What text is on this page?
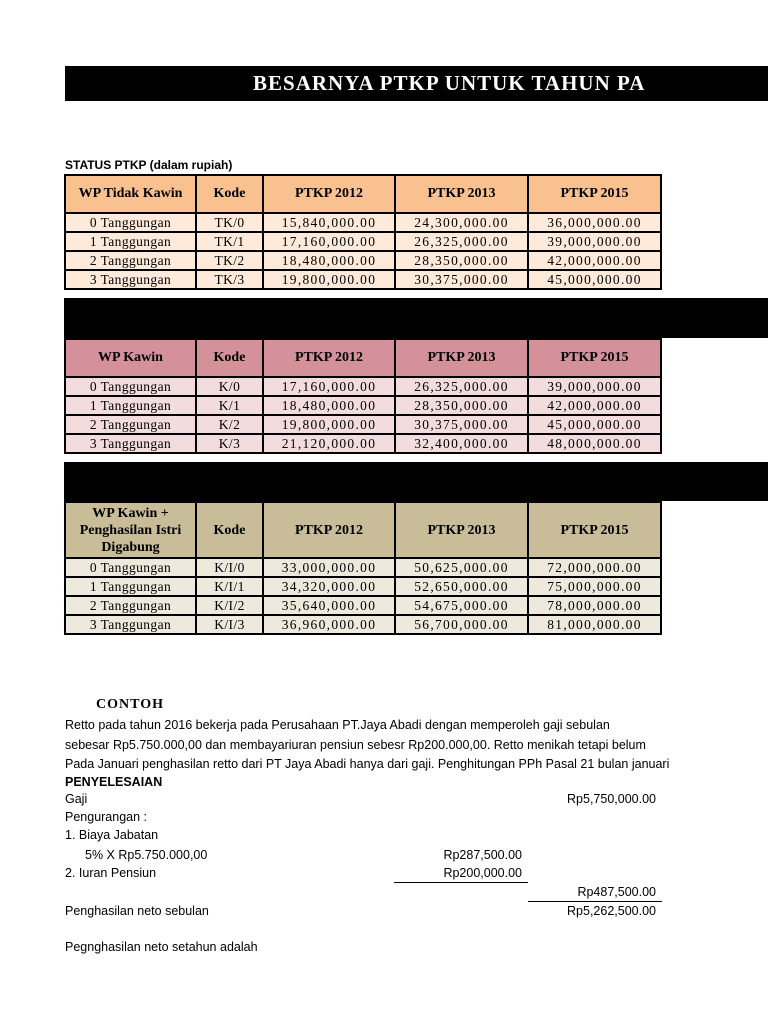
BESARNYA PTKP UNTUK TAHUN PA
STATUS PTKP (dalam rupiah)
WP Tidak Kawin	Kode	PTKP 2012	PTKP 2013	PTKP 2015
0 Tanggungan	TK/0	15,840,000.00	24,300,000.00	36,000,000.00
1 Tanggungan	TK/1	17,160,000.00	26,325,000.00	39,000,000.00
2 Tanggungan	TK/2	18,480,000.00	28,350,000.00	42,000,000.00
3 Tanggungan	TK/3	19,800,000.00	30,375,000.00	45,000,000.00
WP Kawin	Kode	PTKP 2012	PTKP 2013	PTKP 2015
0 Tanggungan	K/0	17,160,000.00	26,325,000.00	39,000,000.00
1 Tanggungan	K/1	18,480,000.00	28,350,000.00	42,000,000.00
2 Tanggungan	K/2	19,800,000.00	30,375,000.00	45,000,000.00
3 Tanggungan	K/3	21,120,000.00	32,400,000.00	48,000,000.00
WP Kawin + Penghasilan Istri Digabung	Kode	PTKP 2012	PTKP 2013	PTKP 2015
0 Tanggungan	K/I/0	33,000,000.00	50,625,000.00	72,000,000.00
1 Tanggungan	K/I/1	34,320,000.00	52,650,000.00	75,000,000.00
2 Tanggungan	K/I/2	35,640,000.00	54,675,000.00	78,000,000.00
3 Tanggungan	K/I/3	36,960,000.00	56,700,000.00	81,000,000.00
CONTOH
Retto pada tahun 2016 bekerja pada Perusahaan PT.Jaya Abadi dengan memperoleh gaji sebulan
sebesar Rp5.750.000,00 dan membayariuran pensiun sebesr Rp200.000,00. Retto menikah tetapi belum
Pada Januari penghasilan retto dari PT Jaya Abadi hanya dari gaji. Penghitungan PPh Pasal 21 bulan januari
PENYELESAIAN
Gaji	Rp5,750,000.00
Pengurangan :
1. Biaya Jabatan
5% X Rp5.750.000,00	Rp287,500.00
2. Iuran Pensiun	Rp200,000.00
Rp487,500.00
Penghasilan neto sebulan	Rp5,262,500.00
Pegnghasilan neto setahun adalah
